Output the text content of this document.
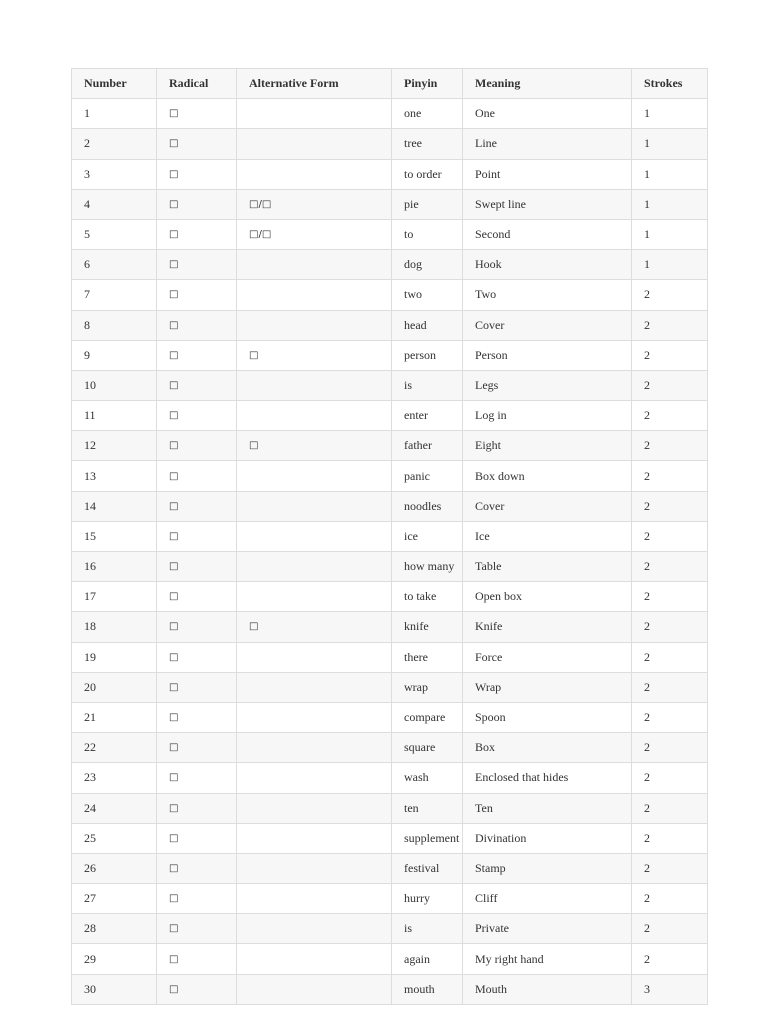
Number	Radical	Alternative Form	Pinyin	Meaning	Strokes
1	□		one	One	1
2	□		tree	Line	1
3	□		to order	Point	1
4	□	□/□	pie	Swept line	1
5	□	□/□	to	Second	1
6	□		dog	Hook	1
7	□		two	Two	2
8	□		head	Cover	2
9	□	□	person	Person	2
10	□		is	Legs	2
11	□		enter	Log in	2
12	□	□	father	Eight	2
13	□		panic	Box down	2
14	□		noodles	Cover	2
15	□		ice	Ice	2
16	□		how many	Table	2
17	□		to take	Open box	2
18	□	□	knife	Knife	2
19	□		there	Force	2
20	□		wrap	Wrap	2
21	□		compare	Spoon	2
22	□		square	Box	2
23	□		wash	Enclosed that hides	2
24	□		ten	Ten	2
25	□		supplement	Divination	2
26	□		festival	Stamp	2
27	□		hurry	Cliff	2
28	□		is	Private	2
29	□		again	My right hand	2
30	□		mouth	Mouth	3
